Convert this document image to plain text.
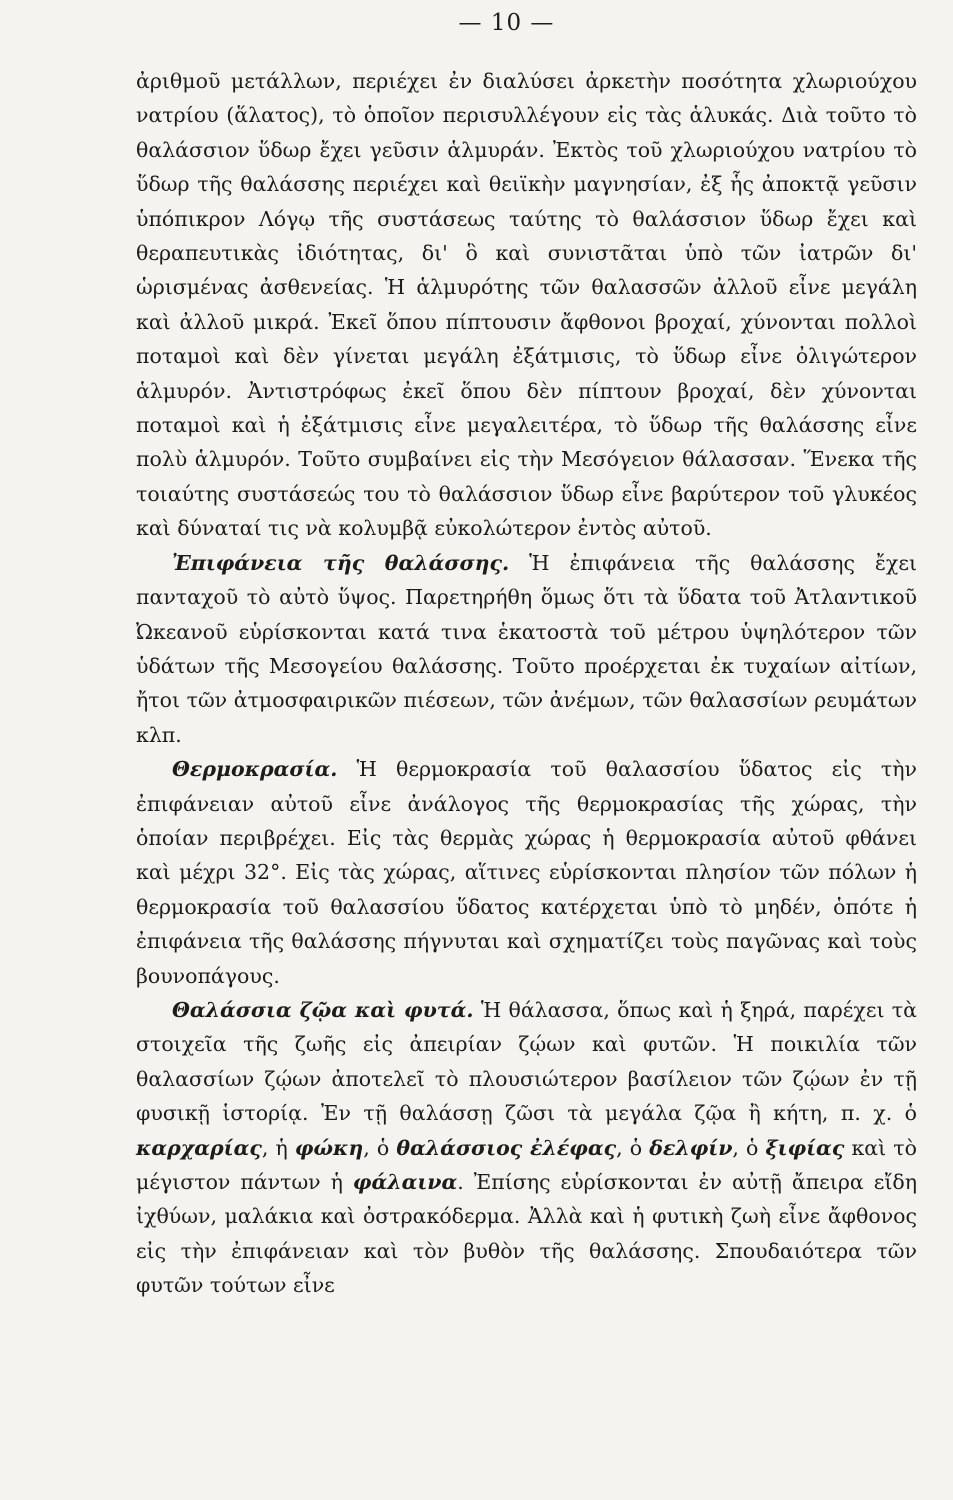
— 10 —

ἀριθμοῦ μετάλλων, περιέχει ἐν διαλύσει ἀρκετὴν ποσότητα χλωριούχου νατρίου (ἅλατος), τὸ ὁποῖον περισυλλέγουν εἰς τὰς ἁλυκάς. Διὰ τοῦτο τὸ θαλάσσιον ὕδωρ ἔχει γεῦσιν ἁλμυράν. Ἐκτὸς τοῦ χλωριούχου νατρίου τὸ ὕδωρ τῆς θαλάσσης περιέχει καὶ θειϊκὴν μαγνησίαν, ἐξ ἧς ἀποκτᾷ γεῦσιν ὑπόπικρον Λόγῳ τῆς συστάσεως ταύτης τὸ θαλάσσιον ὕδωρ ἔχει καὶ θεραπευτικὰς ἰδιότητας, δι' ὃ καὶ συνιστᾶται ὑπὸ τῶν ἰατρῶν δι' ὡρισμένας ἀσθενείας. Ἡ ἁλμυρότης τῶν θαλασσῶν ἀλλοῦ εἶνε μεγάλη καὶ ἀλλοῦ μικρά. Ἐκεῖ ὅπου πίπτουσιν ἄφθονοι βροχαί, χύνονται πολλοὶ ποταμοὶ καὶ δὲν γίνεται μεγάλη ἐξάτμισις, τὸ ὕδωρ εἶνε ὀλιγώτερον ἁλμυρόν. Ἀντιστρόφως ἐκεῖ ὅπου δὲν πίπτουν βροχαί, δὲν χύνονται ποταμοὶ καὶ ἡ ἐξάτμισις εἶνε μεγαλειτέρα, τὸ ὕδωρ τῆς θαλάσσης εἶνε πολὺ ἁλμυρόν. Τοῦτο συμβαίνει εἰς τὴν Μεσόγειον θάλασσαν. Ἕνεκα τῆς τοιαύτης συστάσεώς του τὸ θαλάσσιον ὕδωρ εἶνε βαρύτερον τοῦ γλυκέος καὶ δύναταί τις νὰ κολυμβᾷ εὐκολώτερον ἐντὸς αὐτοῦ.

Ἐπιφάνεια τῆς θαλάσσης. Ἡ ἐπιφάνεια τῆς θαλάσσης ἔχει πανταχοῦ τὸ αὐτὸ ὕψος. Παρετηρήθη ὅμως ὅτι τὰ ὕδατα τοῦ Ἀτλαντικοῦ Ὠκεανοῦ εὑρίσκονται κατά τινα ἑκατοστὰ τοῦ μέτρου ὑψηλότερον τῶν ὑδάτων τῆς Μεσογείου θαλάσσης. Τοῦτο προέρχεται ἐκ τυχαίων αἰτίων, ἤτοι τῶν ἀτμοσφαιρικῶν πιέσεων, τῶν ἀνέμων, τῶν θαλασσίων ρευμάτων κλπ.

Θερμοκρασία. Ἡ θερμοκρασία τοῦ θαλασσίου ὕδατος εἰς τὴν ἐπιφάνειαν αὐτοῦ εἶνε ἀνάλογος τῆς θερμοκρασίας τῆς χώρας, τὴν ὁποίαν περιβρέχει. Εἰς τὰς θερμὰς χώρας ἡ θερμοκρασία αὐτοῦ φθάνει καὶ μέχρι 32°. Εἰς τὰς χώρας, αἵτινες εὑρίσκονται πλησίον τῶν πόλων ἡ θερμοκρασία τοῦ θαλασσίου ὕδατος κατέρχεται ὑπὸ τὸ μηδέν, ὁπότε ἡ ἐπιφάνεια τῆς θαλάσσης πήγνυται καὶ σχηματίζει τοὺς παγῶνας καὶ τοὺς βουνοπάγους.

Θαλάσσια ζῷα καὶ φυτά. Ἡ θάλασσα, ὅπως καὶ ἡ ξηρά, παρέχει τὰ στοιχεῖα τῆς ζωῆς εἰς ἀπειρίαν ζῴων καὶ φυτῶν. Ἡ ποικιλία τῶν θαλασσίων ζῴων ἀποτελεῖ τὸ πλουσιώτερον βασίλειον τῶν ζῴων ἐν τῇ φυσικῇ ἱστορίᾳ. Ἐν τῇ θαλάσσῃ ζῶσι τὰ μεγάλα ζῷα ἢ κήτη, π. χ. ὁ καρχαρίας, ἡ φώκη, ὁ θαλάσσιος ἐλέφας, ὁ δελφίν, ὁ ξιφίας καὶ τὸ μέγιστον πάντων ἡ φάλαινα. Ἐπίσης εὑρίσκονται ἐν αὐτῇ ἄπειρα εἴδη ἰχθύων, μαλάκια καὶ ὀστρακόδερμα. Ἀλλὰ καὶ ἡ φυτικὴ ζωὴ εἶνε ἄφθονος εἰς τὴν ἐπιφάνειαν καὶ τὸν βυθὸν τῆς θαλάσσης. Σπουδαιότερα τῶν φυτῶν τούτων εἶνε
